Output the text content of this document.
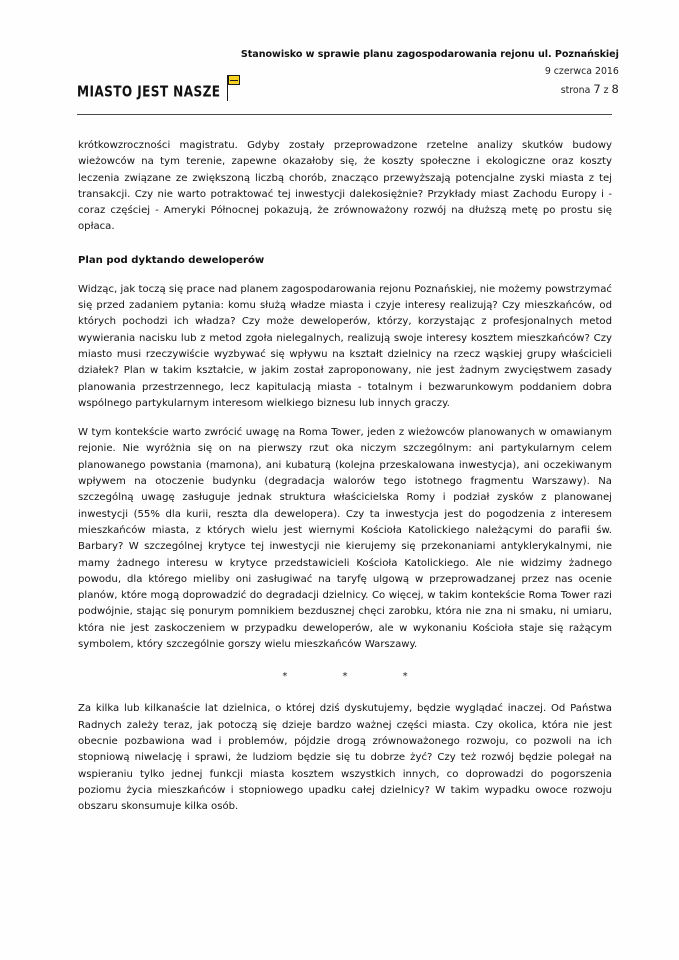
MIASTO JEST NASZE
Stanowisko w sprawie planu zagospodarowania rejonu ul. Poznańskiej
9 czerwca 2016
strona 7 z 8

krótkowzroczności magistratu. Gdyby zostały przeprowadzone rzetelne analizy skutków budowy wieżowców na tym terenie, zapewne okazałoby się, że koszty społeczne i ekologiczne oraz koszty leczenia związane ze zwiększoną liczbą chorób, znacząco przewyższają potencjalne zyski miasta z tej transakcji. Czy nie warto potraktować tej inwestycji dalekosiężnie? Przykłady miast Zachodu Europy i - coraz częściej - Ameryki Północnej pokazują, że zrównoważony rozwój na dłuższą metę po prostu się opłaca.

Plan pod dyktando deweloperów

Widząc, jak toczą się prace nad planem zagospodarowania rejonu Poznańskiej, nie możemy powstrzymać się przed zadaniem pytania: komu służą władze miasta i czyje interesy realizują? Czy mieszkańców, od których pochodzi ich władza? Czy może deweloperów, którzy, korzystając z profesjonalnych metod wywierania nacisku lub z metod zgoła nielegalnych, realizują swoje interesy kosztem mieszkańców? Czy miasto musi rzeczywiście wyzbywać się wpływu na kształt dzielnicy na rzecz wąskiej grupy właścicieli działek? Plan w takim kształcie, w jakim został zaproponowany, nie jest żadnym zwycięstwem zasady planowania przestrzennego, lecz kapitulacją miasta - totalnym i bezwarunkowym poddaniem dobra wspólnego partykularnym interesom wielkiego biznesu lub innych graczy.

W tym kontekście warto zwrócić uwagę na Roma Tower, jeden z wieżowców planowanych w omawianym rejonie. Nie wyróżnia się on na pierwszy rzut oka niczym szczególnym: ani partykularnym celem planowanego powstania (mamona), ani kubaturą (kolejna przeskalowana inwestycja), ani oczekiwanym wpływem na otoczenie budynku (degradacja walorów tego istotnego fragmentu Warszawy). Na szczególną uwagę zasługuje jednak struktura właścicielska Romy i podział zysków z planowanej inwestycji (55% dla kurii, reszta dla dewelopera). Czy ta inwestycja jest do pogodzenia z interesem mieszkańców miasta, z których wielu jest wiernymi Kościoła Katolickiego należącymi do parafii św. Barbary? W szczególnej krytyce tej inwestycji nie kierujemy się przekonaniami antyklerykalnymi, nie mamy żadnego interesu w krytyce przedstawicieli Kościoła Katolickiego. Ale nie widzimy żadnego powodu, dla którego mieliby oni zasługiwać na taryfę ulgową w przeprowadzanej przez nas ocenie planów, które mogą doprowadzić do degradacji dzielnicy. Co więcej, w takim kontekście Roma Tower razi podwójnie, stając się ponurym pomnikiem bezdusznej chęci zarobku, która nie zna ni smaku, ni umiaru, która nie jest zaskoczeniem w przypadku deweloperów, ale w wykonaniu Kościoła staje się rażącym symbolem, który szczególnie gorszy wielu mieszkańców Warszawy.

* * *

Za kilka lub kilkanaście lat dzielnica, o której dziś dyskutujemy, będzie wyglądać inaczej. Od Państwa Radnych zależy teraz, jak potoczą się dzieje bardzo ważnej części miasta. Czy okolica, która nie jest obecnie pozbawiona wad i problemów, pójdzie drogą zrównoważonego rozwoju, co pozwoli na ich stopniową niwelację i sprawi, że ludziom będzie się tu dobrze żyć? Czy też rozwój będzie polegał na wspieraniu tylko jednej funkcji miasta kosztem wszystkich innych, co doprowadzi do pogorszenia poziomu życia mieszkańców i stopniowego upadku całej dzielnicy? W takim wypadku owoce rozwoju obszaru skonsumuje kilka osób.
